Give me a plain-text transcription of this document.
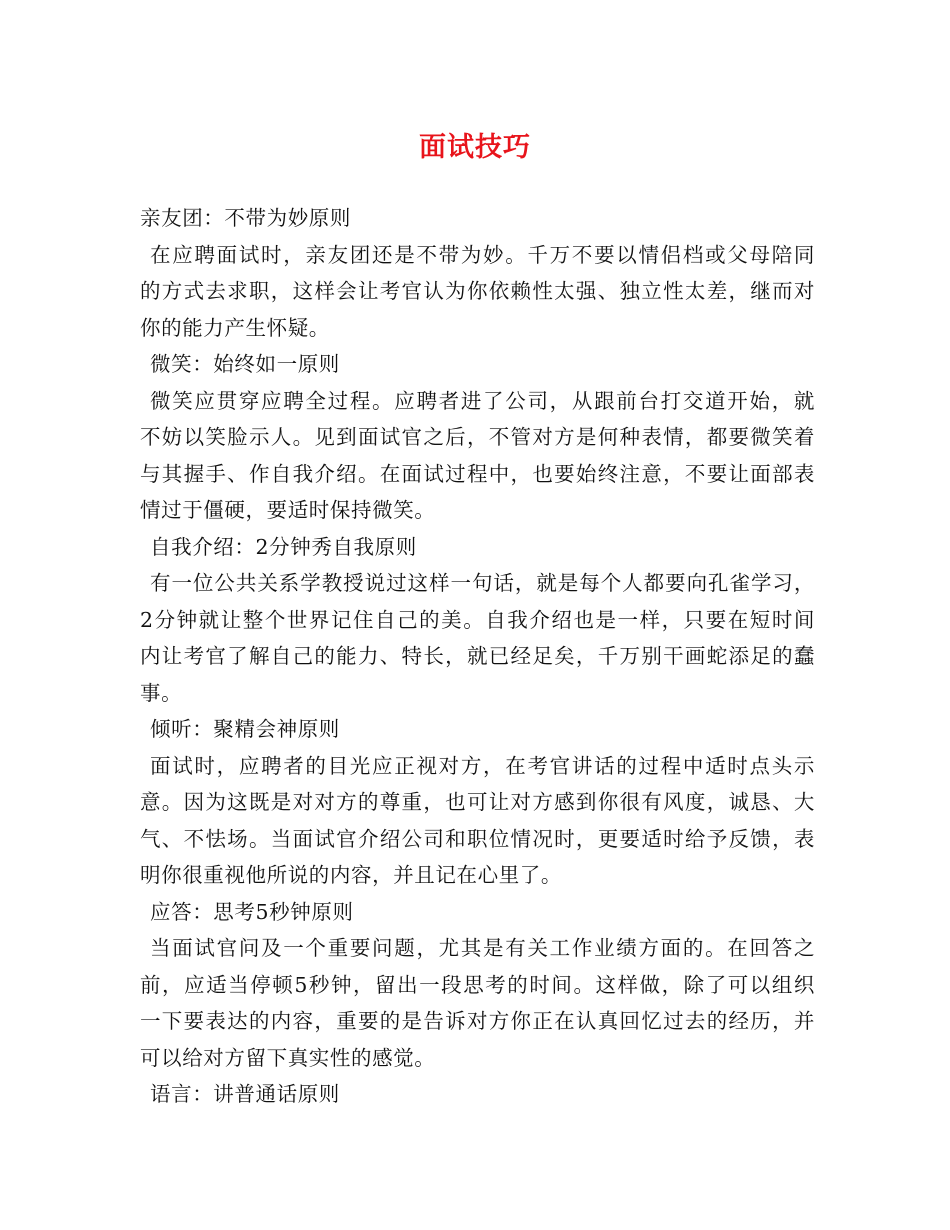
面试技巧
亲友团：不带为妙原则
在应聘面试时，亲友团还是不带为妙。千万不要以情侣档或父母陪同
的方式去求职，这样会让考官认为你依赖性太强、独立性太差，继而对
你的能力产生怀疑。
微笑：始终如一原则
微笑应贯穿应聘全过程。应聘者进了公司，从跟前台打交道开始，就
不妨以笑脸示人。见到面试官之后，不管对方是何种表情，都要微笑着
与其握手、作自我介绍。在面试过程中，也要始终注意，不要让面部表
情过于僵硬，要适时保持微笑。
自我介绍：2分钟秀自我原则
有一位公共关系学教授说过这样一句话，就是每个人都要向孔雀学习，
2分钟就让整个世界记住自己的美。自我介绍也是一样，只要在短时间
内让考官了解自己的能力、特长，就已经足矣，千万别干画蛇添足的蠢
事。
倾听：聚精会神原则
面试时，应聘者的目光应正视对方，在考官讲话的过程中适时点头示
意。因为这既是对对方的尊重，也可让对方感到你很有风度，诚恳、大
气、不怯场。当面试官介绍公司和职位情况时，更要适时给予反馈，表
明你很重视他所说的内容，并且记在心里了。
应答：思考5秒钟原则
当面试官问及一个重要问题，尤其是有关工作业绩方面的。在回答之
前，应适当停顿5秒钟，留出一段思考的时间。这样做，除了可以组织
一下要表达的内容，重要的是告诉对方你正在认真回忆过去的经历，并
可以给对方留下真实性的感觉。
语言：讲普通话原则
